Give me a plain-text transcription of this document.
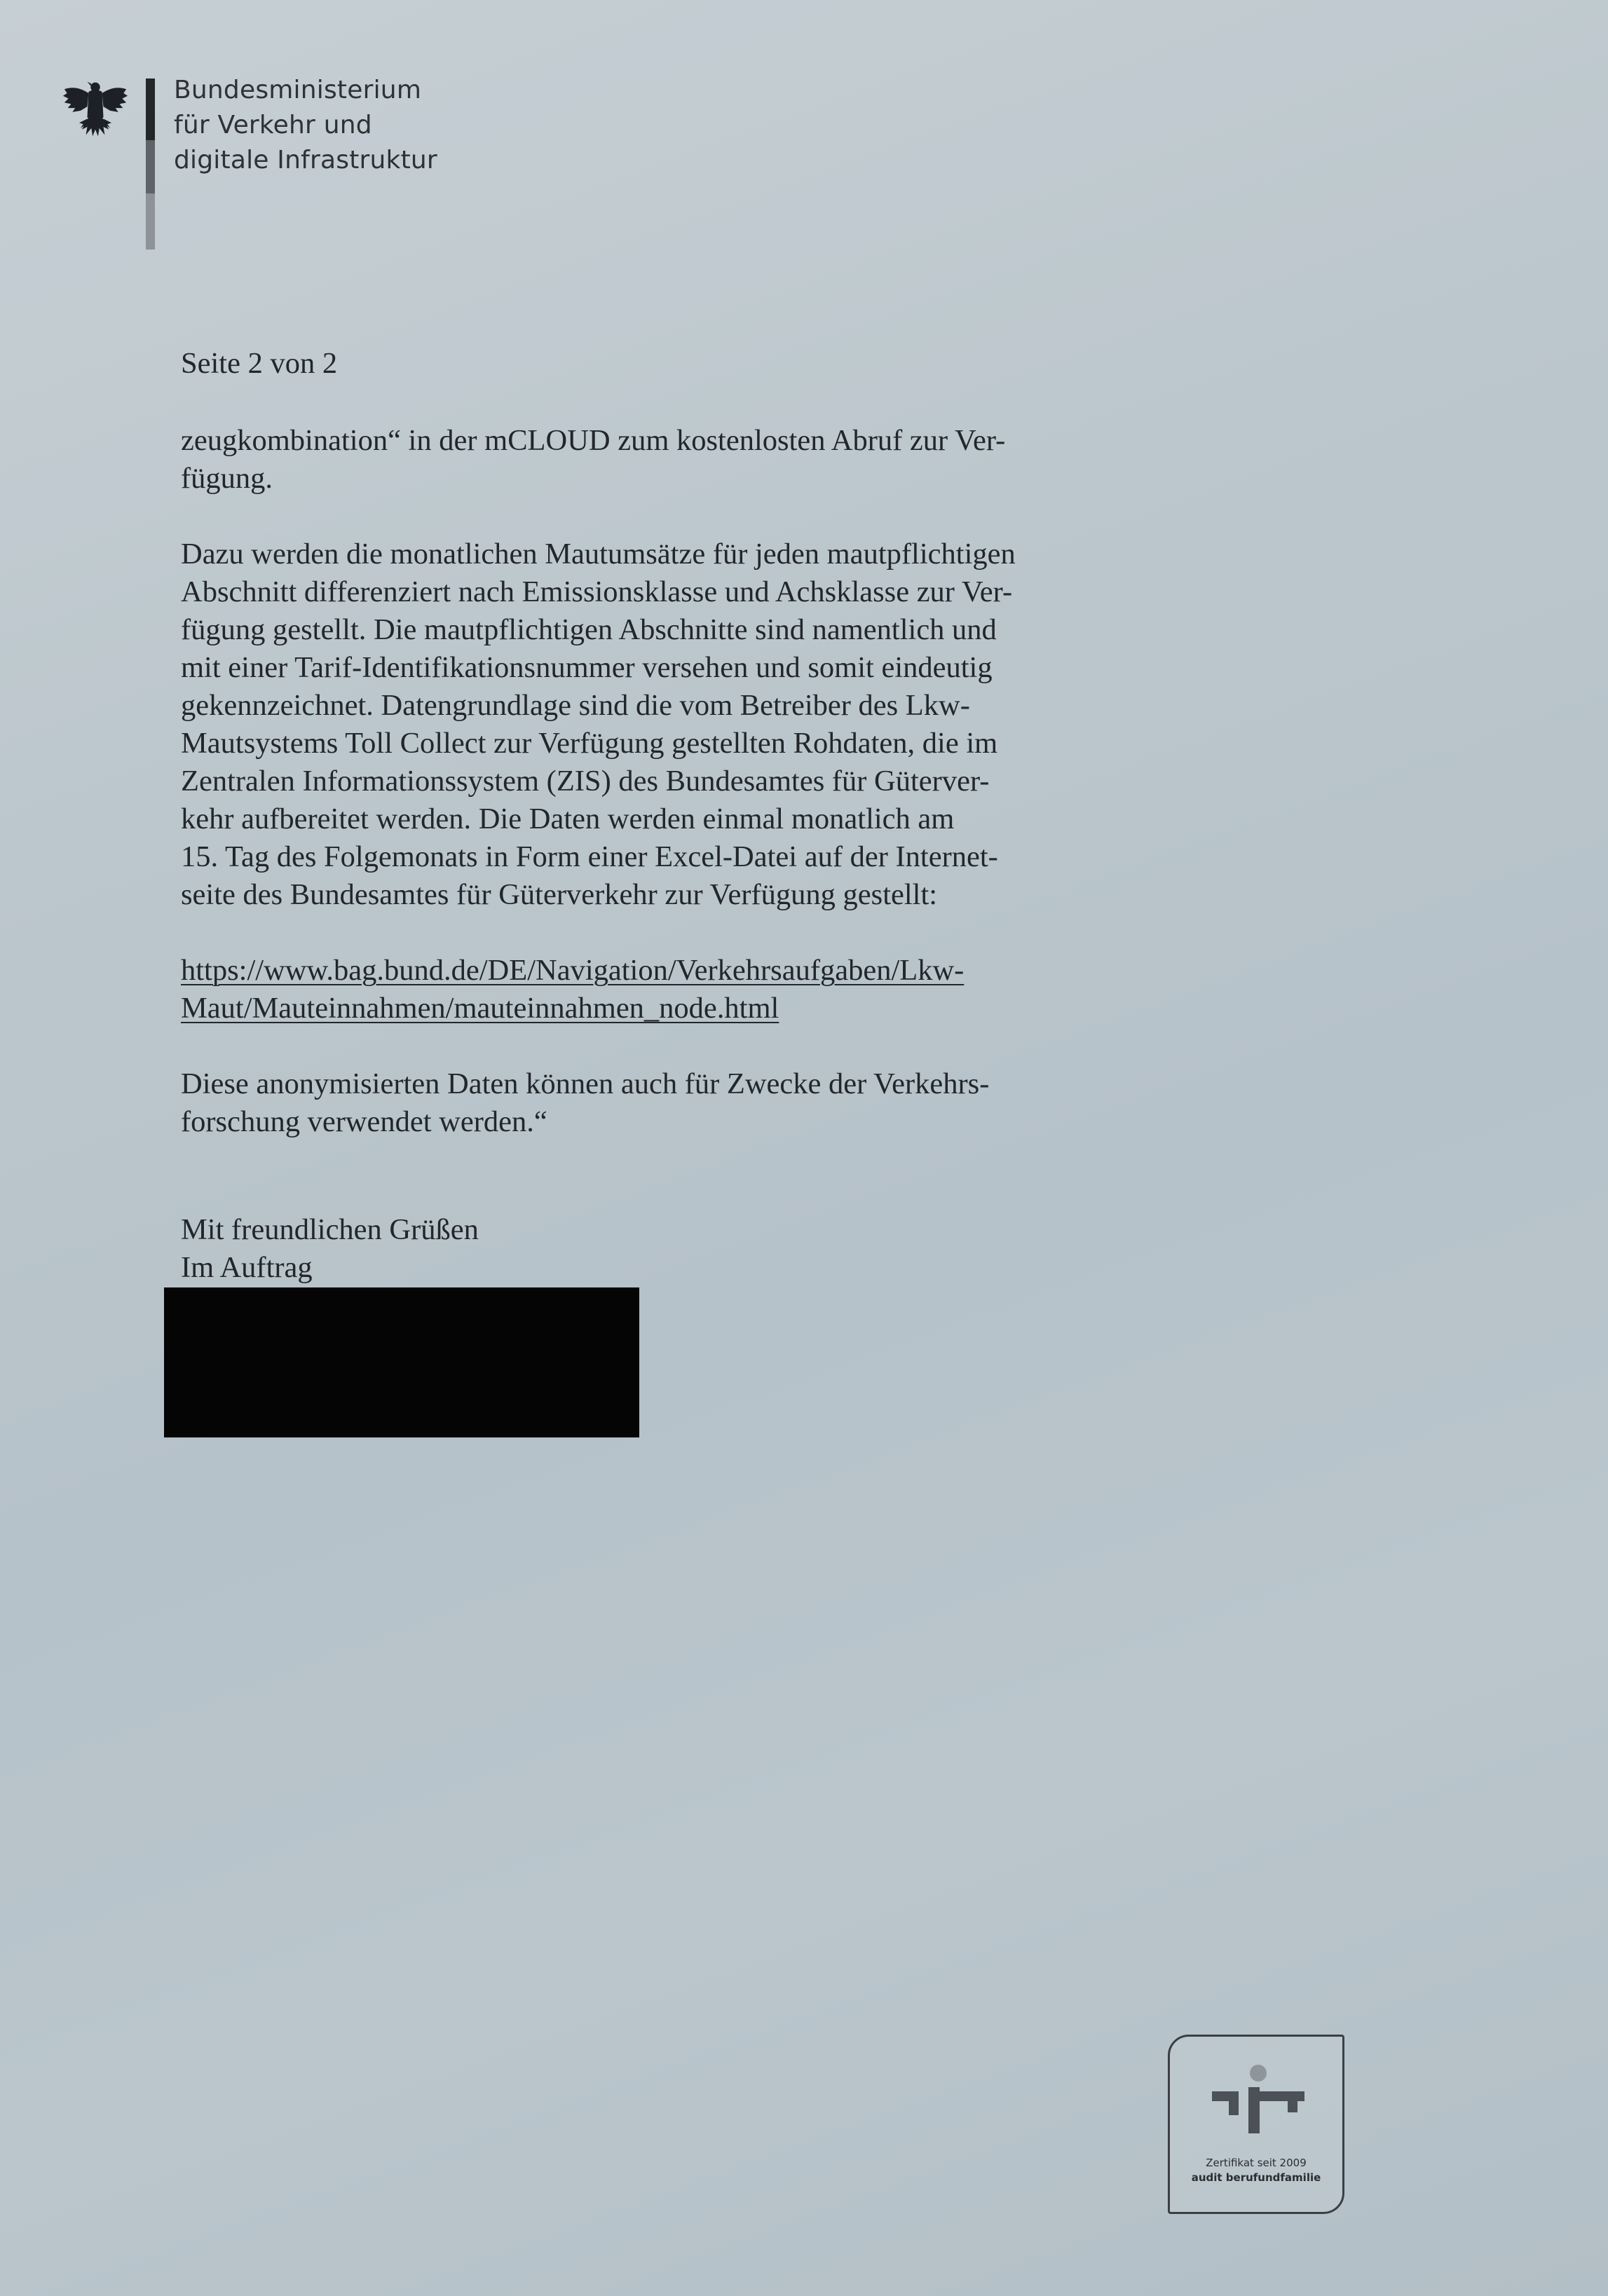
Bundesministerium
für Verkehr und
digitale Infrastruktur
Seite 2 von 2
zeugkombination“ in der mCLOUD zum kostenlosten Abruf zur Ver-
fügung.
Dazu werden die monatlichen Mautumsätze für jeden mautpflichtigen
Abschnitt differenziert nach Emissionsklasse und Achsklasse zur Ver-
fügung gestellt. Die mautpflichtigen Abschnitte sind namentlich und
mit einer Tarif-Identifikationsnummer versehen und somit eindeutig
gekennzeichnet. Datengrundlage sind die vom Betreiber des Lkw-
Mautsystems Toll Collect zur Verfügung gestellten Rohdaten, die im
Zentralen Informationssystem (ZIS) des Bundesamtes für Güterver-
kehr aufbereitet werden. Die Daten werden einmal monatlich am
15. Tag des Folgemonats in Form einer Excel-Datei auf der Internet-
seite des Bundesamtes für Güterverkehr zur Verfügung gestellt:
https://www.bag.bund.de/DE/Navigation/Verkehrsaufgaben/Lkw-
Maut/Mauteinnahmen/mauteinnahmen_node.html
Diese anonymisierten Daten können auch für Zwecke der Verkehrs-
forschung verwendet werden.“
Mit freundlichen Grüßen
Im Auftrag
Zertifikat seit 2009
audit berufundfamilie
